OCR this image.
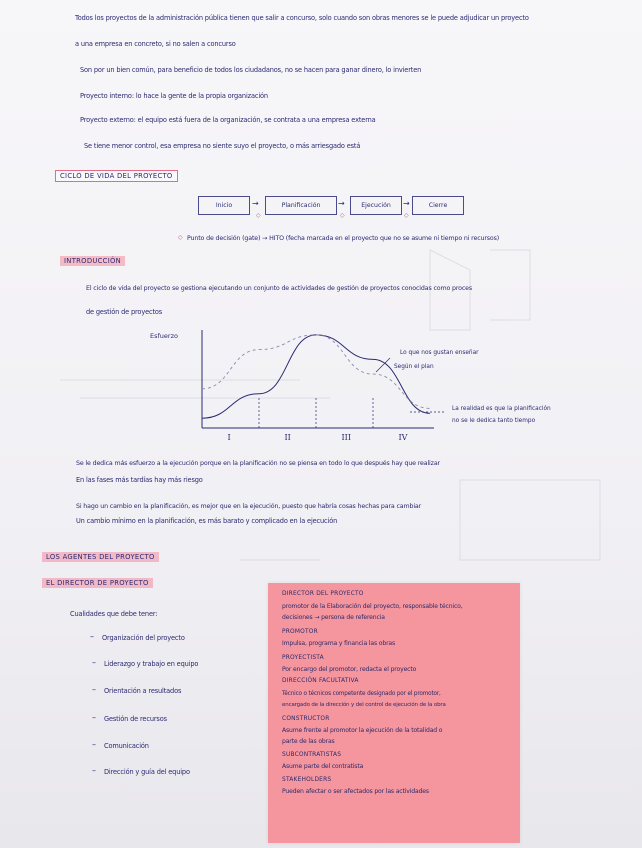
Todos los proyectos de la administración pública tienen que salir a concurso, solo cuando son obras menores se le puede adjudicar un proyecto
a una empresa en concreto, si no salen a concurso
Son por un bien común, para beneficio de todos los ciudadanos, no se hacen para ganar dinero, lo invierten
Proyecto interno: lo hace la gente de la propia organización
Proyecto externo: el equipo está fuera de la organización, se contrata a una empresa externa
Se tiene menor control, esa empresa no siente suyo el proyecto, o más arriesgado está
CICLO DE VIDA DEL PROYECTO
Inicio	→	Planificación	→	Ejecución	→	Cierre
◇	◇	◇
◇ Punto de decisión (gate) → HITO (fecha marcada en el proyecto que no se asume ni tiempo ni recursos)
INTRODUCCIÓN
El ciclo de vida del proyecto se gestiona ejecutando un conjunto de actividades de gestión de proyectos conocidas como proces
de gestión de proyectos
Esfuerzo
I	II	III	IV
Lo que nos gustan enseñar
Según el plan
La realidad es que la planificación
no se le dedica tanto tiempo
Se le dedica más esfuerzo a la ejecución porque en la planificación no se piensa en todo lo que después hay que realizar
En las fases más tardías hay más riesgo
Si hago un cambio en la planificación, es mejor que en la ejecución, puesto que habría cosas hechas para cambiar
Un cambio mínimo en la planificación, es más barato y complicado en la ejecución
LOS AGENTES DEL PROYECTO
EL DIRECTOR DE PROYECTO
Cualidades que debe tener:
– Organización del proyecto
– Liderazgo y trabajo en equipo
– Orientación a resultados
– Gestión de recursos
– Comunicación
– Dirección y guía del equipo
DIRECTOR DEL PROYECTO
promotor de la Elaboración del proyecto, responsable técnico,
decisiones → persona de referencia
PROMOTOR
Impulsa, programa y financia las obras
PROYECTISTA
Por encargo del promotor, redacta el proyecto
DIRECCIÓN FACULTATIVA
Técnico o técnicos competente designado por el promotor,
encargado de la dirección y del control de ejecución de la obra
CONSTRUCTOR
Asume frente al promotor la ejecución de la totalidad o
parte de las obras
SUBCONTRATISTAS
Asume parte del contratista
STAKEHOLDERS
Pueden afectar o ser afectados por las actividades
